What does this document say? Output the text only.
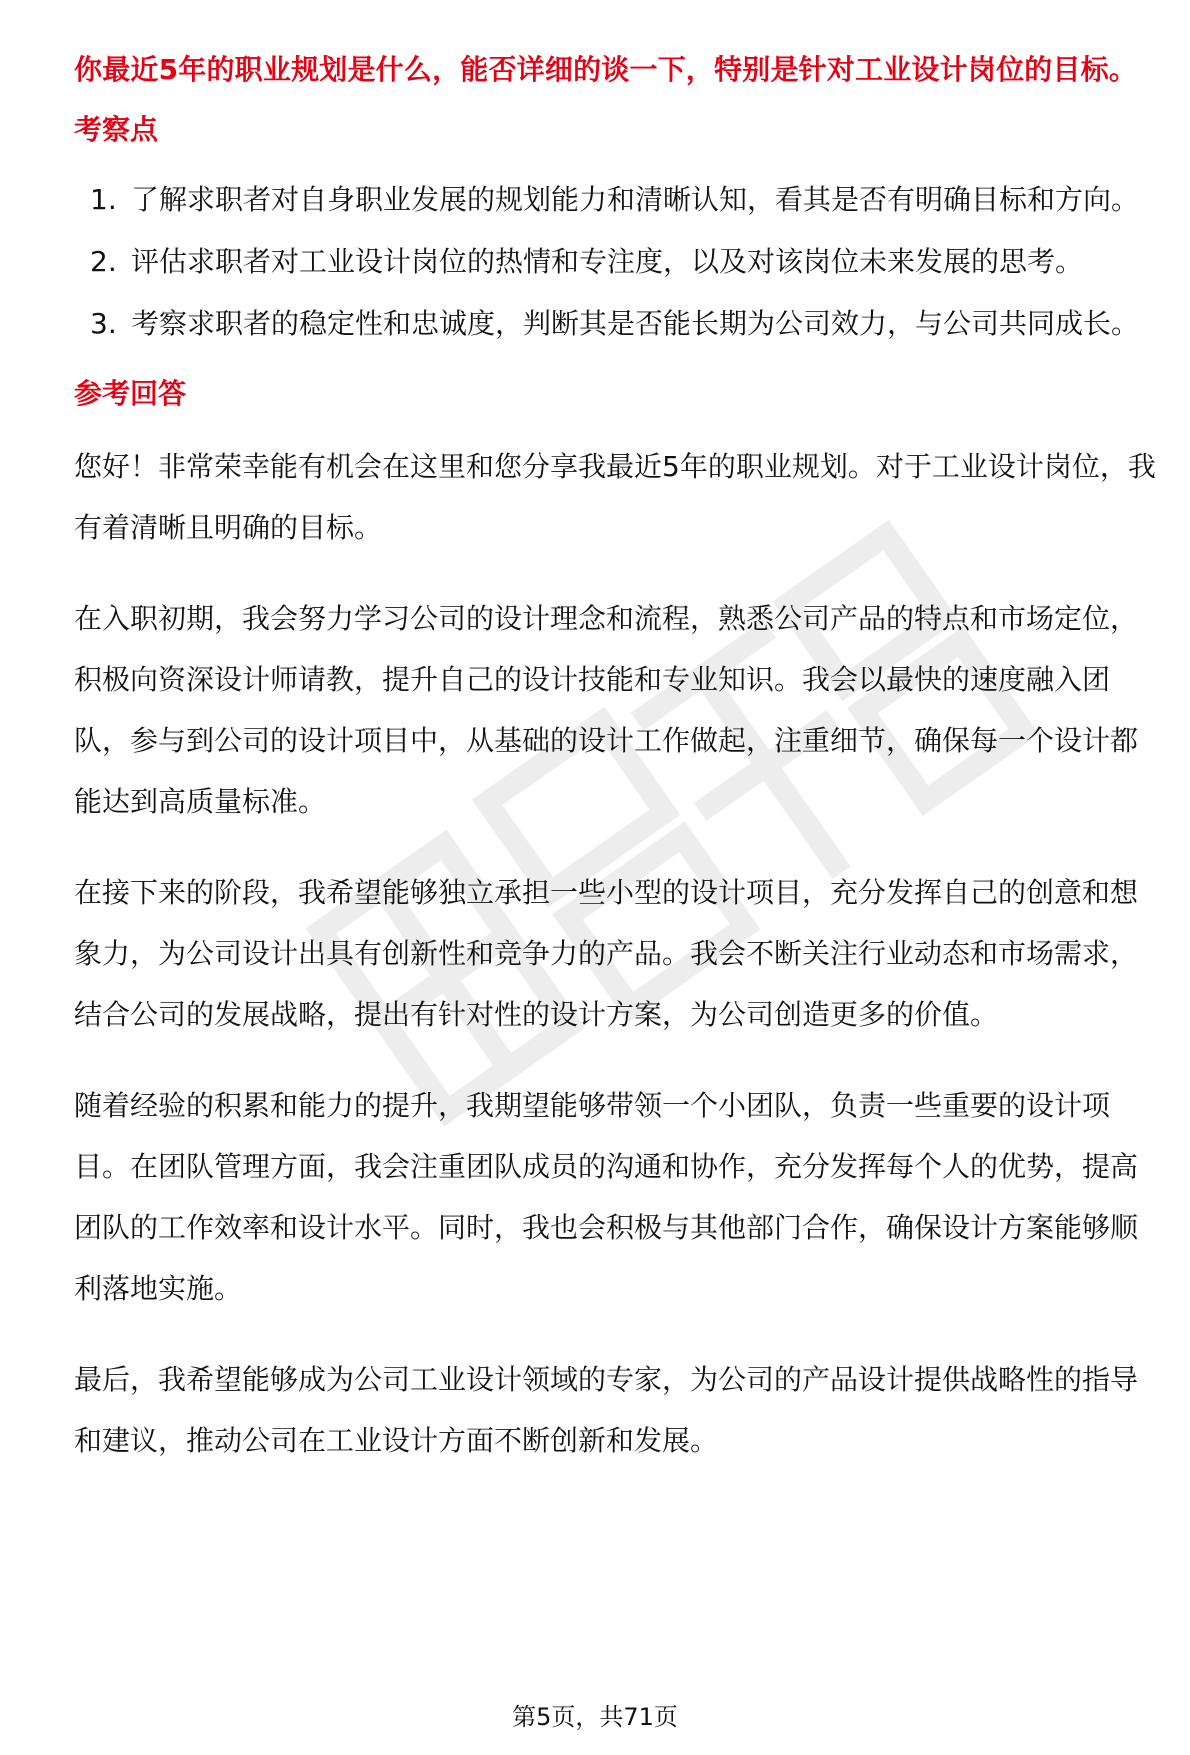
你最近5年的职业规划是什么，能否详细的谈一下，特别是针对工业设计岗位的目标。

考察点
1. 了解求职者对自身职业发展的规划能力和清晰认知，看其是否有明确目标和方向。
2. 评估求职者对工业设计岗位的热情和专注度，以及对该岗位未来发展的思考。
3. 考察求职者的稳定性和忠诚度，判断其是否能长期为公司效力，与公司共同成长。
参考回答

您好！非常荣幸能有机会在这里和您分享我最近5年的职业规划。对于工业设计岗位，我有着清晰且明确的目标。

在入职初期，我会努力学习公司的设计理念和流程，熟悉公司产品的特点和市场定位，积极向资深设计师请教，提升自己的设计技能和专业知识。我会以最快的速度融入团队，参与到公司的设计项目中，从基础的设计工作做起，注重细节，确保每一个设计都能达到高质量标准。

在接下来的阶段，我希望能够独立承担一些小型的设计项目，充分发挥自己的创意和想象力，为公司设计出具有创新性和竞争力的产品。我会不断关注行业动态和市场需求，结合公司的发展战略，提出有针对性的设计方案，为公司创造更多的价值。

随着经验的积累和能力的提升，我期望能够带领一个小团队，负责一些重要的设计项目。在团队管理方面，我会注重团队成员的沟通和协作，充分发挥每个人的优势，提高团队的工作效率和设计水平。同时，我也会积极与其他部门合作，确保设计方案能够顺利落地实施。

最后，我希望能够成为公司工业设计领域的专家，为公司的产品设计提供战略性的指导和建议，推动公司在工业设计方面不断创新和发展。

第5页，共71页
